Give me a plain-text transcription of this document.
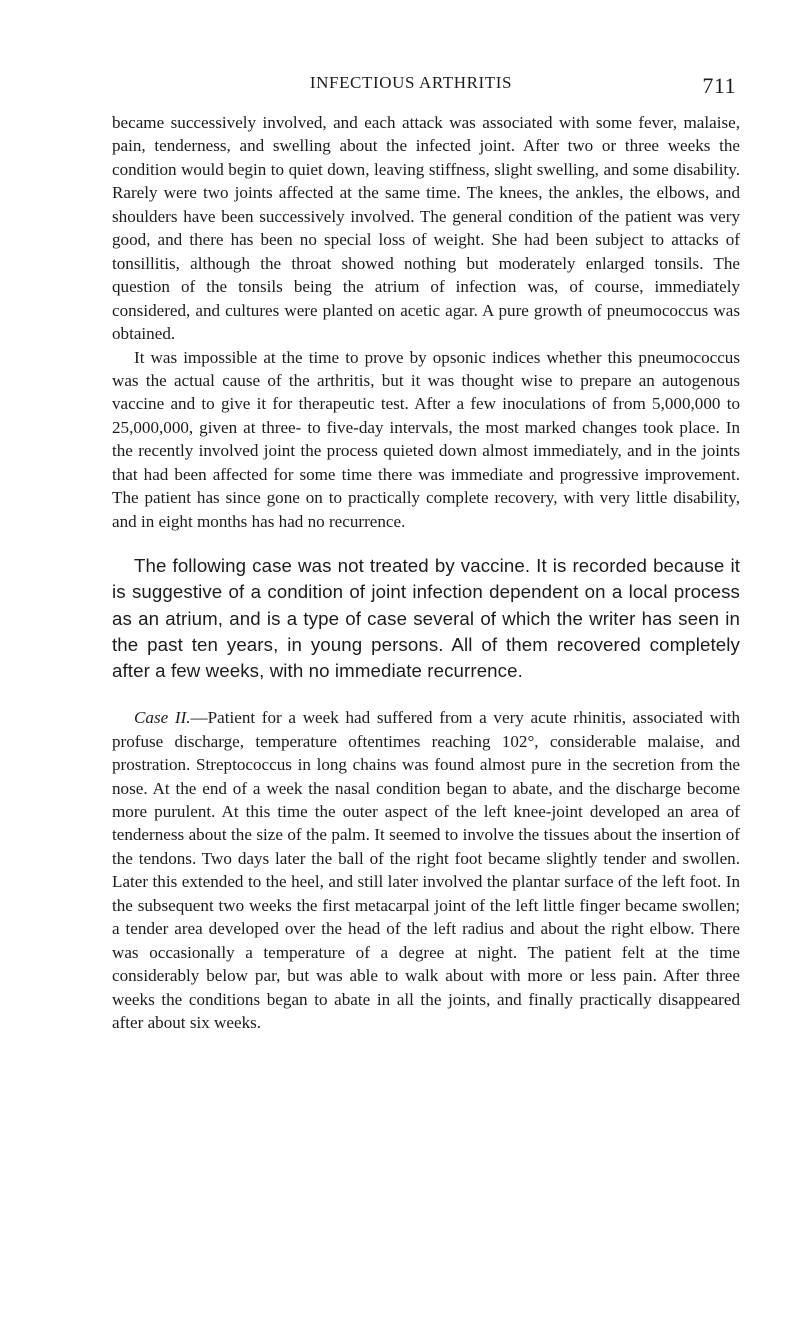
INFECTIOUS ARTHRITIS	711

became successively involved, and each attack was associated with some fever, malaise, pain, tenderness, and swelling about the infected joint. After two or three weeks the condition would begin to quiet down, leaving stiffness, slight swelling, and some disability. Rarely were two joints affected at the same time. The knees, the ankles, the elbows, and shoulders have been successively involved. The general condition of the patient was very good, and there has been no special loss of weight. She had been subject to attacks of tonsillitis, although the throat showed nothing but moderately enlarged tonsils. The question of the tonsils being the atrium of infection was, of course, immediately considered, and cultures were planted on acetic agar. A pure growth of pneumococcus was obtained.

It was impossible at the time to prove by opsonic indices whether this pneumococcus was the actual cause of the arthritis, but it was thought wise to prepare an autogenous vaccine and to give it for therapeutic test. After a few inoculations of from 5,000,000 to 25,000,000, given at three- to five-day intervals, the most marked changes took place. In the recently involved joint the process quieted down almost immediately, and in the joints that had been affected for some time there was immediate and progressive improvement. The patient has since gone on to practically complete recovery, with very little disability, and in eight months has had no recurrence.

The following case was not treated by vaccine. It is recorded because it is suggestive of a condition of joint infection dependent on a local process as an atrium, and is a type of case several of which the writer has seen in the past ten years, in young persons. All of them recovered completely after a few weeks, with no immediate recurrence.

Case II.—Patient for a week had suffered from a very acute rhinitis, associated with profuse discharge, temperature oftentimes reaching 102°, considerable malaise, and prostration. Streptococcus in long chains was found almost pure in the secretion from the nose. At the end of a week the nasal condition began to abate, and the discharge become more purulent. At this time the outer aspect of the left knee-joint developed an area of tenderness about the size of the palm. It seemed to involve the tissues about the insertion of the tendons. Two days later the ball of the right foot became slightly tender and swollen. Later this extended to the heel, and still later involved the plantar surface of the left foot. In the subsequent two weeks the first metacarpal joint of the left little finger became swollen; a tender area developed over the head of the left radius and about the right elbow. There was occasionally a temperature of a degree at night. The patient felt at the time considerably below par, but was able to walk about with more or less pain. After three weeks the conditions began to abate in all the joints, and finally practically disappeared after about six weeks.
